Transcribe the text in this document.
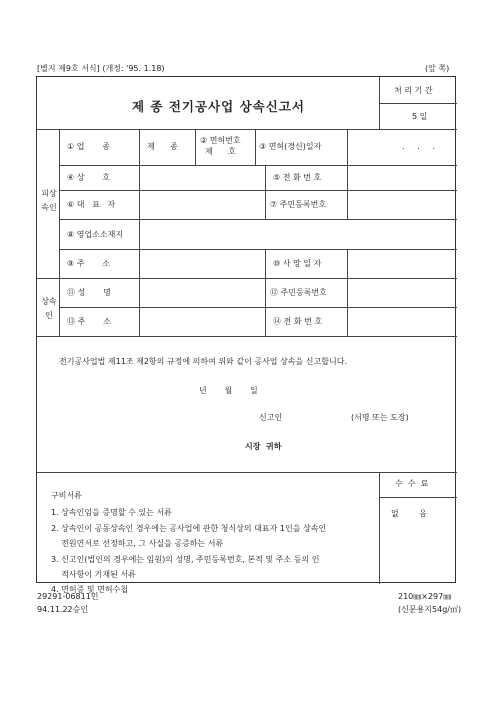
[별지 제9호 서식] (개정: '95. 1.18)	(앞 쪽)
제 종 전기공사업 상속신고서
처 리 기 간
5 일
피상
속인
상속
인
① 업       종	제      종
② 면허번호
제      호
③ 면허(경신)일자	.     .     .
④ 상       호	⑤ 전 화 번 호
⑥ 대   표   자	⑦ 주민등록번호
⑧ 영업소소재지
⑨ 주       소	⑩ 사 망 일 자
⑪ 성       명	⑫ 주민등록번호
⑬ 주       소	⑭ 전 화 번 호
전기공사업법 제11조 제2항의 규정에 의하여 위와 같이 공사업 상속을 신고합니다.
년       월       일
신고인	(서명 또는 도장)
시장  귀하
구비서류
1. 상속인임을 증명할 수 있는 서류
2. 상속인이 공동상속인 경우에는 공사업에 관한 청식상의 대표자 1인을 상속인
전원연서로 선정하고, 그 사실을 공증하는 서류
3. 신고인(법인의 경우에는 임원)의 성명, 주민등록번호, 본적 및 주소 등의 인
적사항이 기재된 서류
4. 면허증 및 면허수첩
수  수  료
없        음
29291-06811민	210㎜×297㎜
94.11.22승인	(신문용지54g/㎡)
